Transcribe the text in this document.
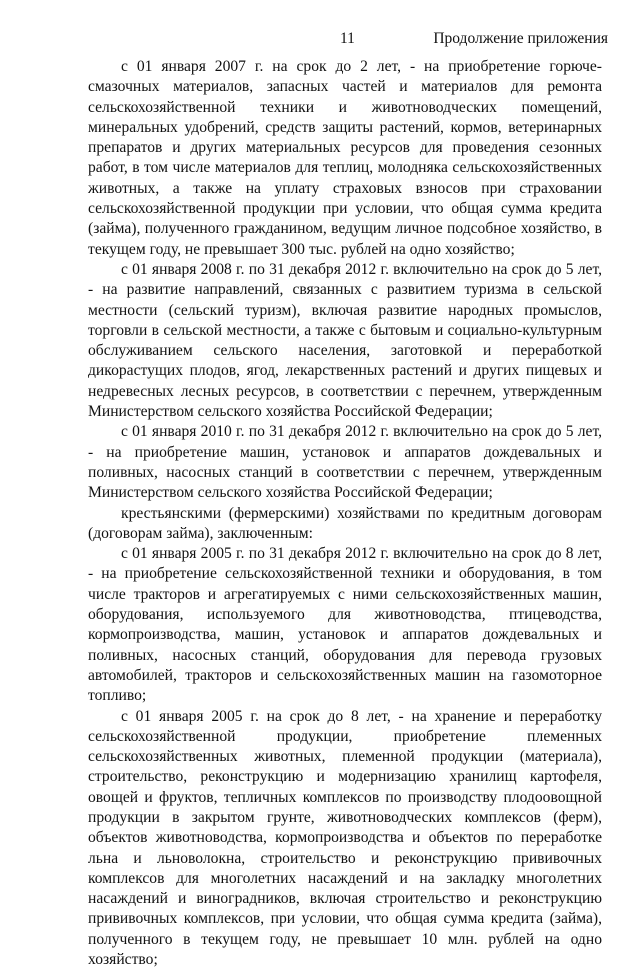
11	Продолжение приложения

с 01 января 2007 г. на срок до 2 лет, - на приобретение горюче-смазочных материалов, запасных частей и материалов для ремонта сельскохозяйственной техники и животноводческих помещений, минеральных удобрений, средств защиты растений, кормов, ветеринарных препаратов и других материальных ресурсов для проведения сезонных работ, в том числе материалов для теплиц, молодняка сельскохозяйственных животных, а также на уплату страховых взносов при страховании сельскохозяйственной продукции при условии, что общая сумма кредита (займа), полученного гражданином, ведущим личное подсобное хозяйство, в текущем году, не превышает 300 тыс. рублей на одно хозяйство;

с 01 января 2008 г. по 31 декабря 2012 г. включительно на срок до 5 лет, - на развитие направлений, связанных с развитием туризма в сельской местности (сельский туризм), включая развитие народных промыслов, торговли в сельской местности, а также с бытовым и социально-культурным обслуживанием сельского населения, заготовкой и переработкой дикорастущих плодов, ягод, лекарственных растений и других пищевых и недревесных лесных ресурсов, в соответствии с перечнем, утвержденным Министерством сельского хозяйства Российской Федерации;

с 01 января 2010 г. по 31 декабря 2012 г. включительно на срок до 5 лет, - на приобретение машин, установок и аппаратов дождевальных и поливных, насосных станций в соответствии с перечнем, утвержденным Министерством сельского хозяйства Российской Федерации;

крестьянскими (фермерскими) хозяйствами по кредитным договорам (договорам займа), заключенным:

с 01 января 2005 г. по 31 декабря 2012 г. включительно на срок до 8 лет, - на приобретение сельскохозяйственной техники и оборудования, в том числе тракторов и агрегатируемых с ними сельскохозяйственных машин, оборудования, используемого для животноводства, птицеводства, кормопроизводства, машин, установок и аппаратов дождевальных и поливных, насосных станций, оборудования для перевода грузовых автомобилей, тракторов и сельскохозяйственных машин на газомоторное топливо;

с 01 января 2005 г. на срок до 8 лет, - на хранение и переработку сельскохозяйственной продукции, приобретение племенных сельскохозяйственных животных, племенной продукции (материала), строительство, реконструкцию и модернизацию хранилищ картофеля, овощей и фруктов, тепличных комплексов по производству плодоовощной продукции в закрытом грунте, животноводческих комплексов (ферм), объектов животноводства, кормопроизводства и объектов по переработке льна и льноволокна, строительство и реконструкцию прививочных комплексов для многолетних насаждений и на закладку многолетних насаждений и виноградников, включая строительство и реконструкцию прививочных комплексов, при условии, что общая сумма кредита (займа), полученного в текущем году, не превышает 10 млн. рублей на одно хозяйство;
